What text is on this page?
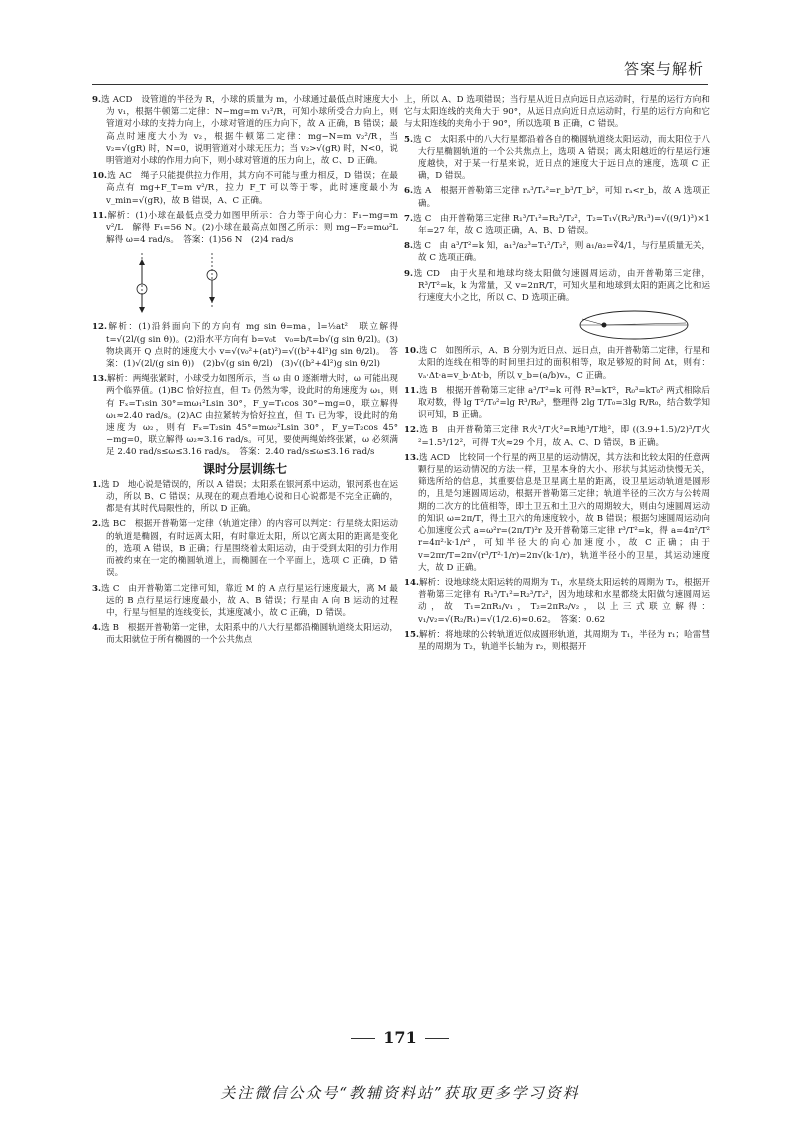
答案与解析
9.选 ACD　设管道的半径为 R，小球的质量为 m，小球通过最低点时速度大小为 v₁，根据牛顿第二定律：N−mg=m v₁²/R，可知小球所受合力向上，则管道对小球的支持力向上，小球对管道的压力向下，故 A 正确，B 错误；最高点时速度大小为 v₂，根据牛顿第二定律：mg−N=m v₂²/R，当 v₂=√(gR) 时，N=0，说明管道对小球无压力；当 v₂>√(gR) 时，N<0，说明管道对小球的作用力向下，则小球对管道的压力向上，故 C、D 正确。
10.选 AC　绳子只能提供拉力作用，其方向不可能与重力相反，D 错误；在最高点有 mg+F_T=m v²/R，拉力 F_T 可以等于零，此时速度最小为 v_min=√(gR)，故 B 错误，A、C 正确。
11.解析：(1)小球在最低点受力如图甲所示：合力等于向心力：F₁−mg=m v²/L　解得 F₁=56 N。(2)小球在最高点如图乙所示：则 mg−F₂=mω²L　解得 ω=4 rad/s。　答案：(1)56 N　(2)4 rad/s
12.解析：(1)沿斜面向下的方向有 mg sin θ=ma，l=½at²　联立解得 t=√(2l/(g sin θ))。(2)沿水平方向有 b=v₀t　v₀=b/t=b√(g sin θ/2l)。(3)物块离开 Q 点时的速度大小 v=√(v₀²+(at)²)=√((b²+4l²)g sin θ/2l)。　答案：(1)√(2l/(g sin θ))　(2)b√(g sin θ/2l)　(3)√((b²+4l²)g sin θ/2l)
13.解析：两绳张紧时，小球受力如图所示，当 ω 由 0 逐渐增大时，ω 可能出现两个临界值。(1)BC 恰好拉直，但 T₂ 仍然为零，设此时的角速度为 ω₁，则有 Fₓ=T₁sin 30°=mω₁²Lsin 30°，F_y=T₁cos 30°−mg=0，联立解得 ω₁≈2.40 rad/s。(2)AC 由拉紧转为恰好拉直，但 T₁ 已为零，设此时的角速度为 ω₂，则有 Fₓ=T₂sin 45°=mω₂²Lsin 30°，F_y=T₂cos 45°−mg=0，联立解得 ω₂≈3.16 rad/s。可见，要使两绳始终张紧，ω 必须满足 2.40 rad/s≤ω≤3.16 rad/s。　答案：2.40 rad/s≤ω≤3.16 rad/s
课时分层训练七
1.选 D　地心说是错误的，所以 A 错误；太阳系在银河系中运动，银河系也在运动，所以 B、C 错误；从现在的观点看地心说和日心说都是不完全正确的，都是有其时代局限性的，所以 D 正确。
2.选 BC　根据开普勒第一定律（轨道定律）的内容可以判定：行星绕太阳运动的轨道是椭圆，有时远离太阳，有时靠近太阳，所以它离太阳的距离是变化的，选项 A 错误，B 正确；行星围绕着太阳运动，由于受到太阳的引力作用而被约束在一定的椭圆轨道上，而椭圆在一个平面上，选项 C 正确，D 错误。
3.选 C　由开普勒第二定律可知，靠近 M 的 A 点行星运行速度最大，离 M 最远的 B 点行星运行速度最小，故 A、B 错误；行星由 A 向 B 运动的过程中，行星与恒星的连线变长，其速度减小，故 C 正确，D 错误。
4.选 B　根据开普勒第一定律，太阳系中的八大行星都沿椭圆轨道绕太阳运动，而太阳就位于所有椭圆的一个公共焦点
上，所以 A、D 选项错误；当行星从近日点向远日点运动时，行星的运行方向和它与太阳连线的夹角大于 90°，从远日点向近日点运动时，行星的运行方向和它与太阳连线的夹角小于 90°，所以选项 B 正确，C 错误。
5.选 C　太阳系中的八大行星都沿着各自的椭圆轨道绕太阳运动，而太阳位于八大行星椭圆轨道的一个公共焦点上，选项 A 错误；离太阳越近的行星运行速度越快，对于某一行星来说，近日点的速度大于远日点的速度，选项 C 正确，D 错误。
6.选 A　根据开普勒第三定律 rₐ³/Tₐ²=r_b³/T_b²，可知 rₐ<r_b，故 A 选项正确。
7.选 C　由开普勒第三定律 R₁³/T₁²=R₂³/T₂²，T₂=T₁√(R₂³/R₁³)=√((9/1)³)×1 年=27 年，故 C 选项正确，A、B、D 错误。
8.选 C　由 a³/T²=k 知，a₁³/a₂³=T₁²/T₂²，则 a₁/a₂=∛4/1，与行星质量无关，故 C 选项正确。
9.选 CD　由于火星和地球均绕太阳做匀速圆周运动，由开普勒第三定律，R³/T²=k，k 为常量，又 v=2πR/T，可知火星和地球到太阳的距离之比和运行速度大小之比，所以 C、D 选项正确。
10.选 C　如图所示，A、B 分别为近日点、远日点，由开普勒第二定律，行星和太阳的连线在相等的时间里扫过的面积相等，取足够短的时间 Δt，则有：vₐ·Δt·a=v_b·Δt·b，所以 v_b=(a/b)vₐ，C 正确。
11.选 B　根据开普勒第三定律 a³/T²=k 可得 R³=kT²，R₀³=kT₀² 两式相除后取对数，得 lg T²/T₀²=lg R³/R₀³，整理得 2lg T/T₀=3lg R/R₀，结合数学知识可知，B 正确。
12.选 B　由开普勒第三定律 R火³/T火²=R地³/T地²，即 ((3.9+1.5)/2)³/T火²=1.5³/12²，可得 T火≈29 个月，故 A、C、D 错误，B 正确。
13.选 ACD　比较同一个行星的两卫星的运动情况，其方法和比较太阳的任意两颗行星的运动情况的方法一样，卫星本身的大小、形状与其运动快慢无关，筛选所给的信息，其重要信息是卫星离土星的距离，设卫星运动轨道是圆形的，且是匀速圆周运动，根据开普勒第三定律；轨道半径的三次方与公转周期的二次方的比值相等，即土卫五和土卫六的周期较大，则由匀速圆周运动的知识 ω=2π/T，得土卫六的角速度较小，故 B 错误；根据匀速圆周运动向心加速度公式 a=ω²r=(2π/T)²r 及开普勒第三定律 r³/T²=k，得 a=4π²/T² r=4π²·k·1/r²，可知半径大的向心加速度小，故 C 正确；由于 v=2πr/T=2π√(r³/T²·1/r)=2π√(k·1/r)，轨道半径小的卫星，其运动速度大，故 D 正确。
14.解析：设地球绕太阳运转的周期为 T₁，水星绕太阳运转的周期为 T₂，根据开普勒第三定律有 R₁³/T₁²=R₂³/T₂²，因为地球和水星都绕太阳做匀速圆周运动，故 T₁=2πR₁/v₁，T₂=2πR₂/v₂，以上三式联立解得：v₁/v₂=√(R₂/R₁)=√(1/2.6)≈0.62。　答案：0.62
15.解析：将地球的公转轨道近似成圆形轨道，其周期为 T₁，半径为 r₁；哈雷彗星的周期为 T₂，轨道半长轴为 r₂，则根据开
171
关注微信公众号“教辅资料站”获取更多学习资料
